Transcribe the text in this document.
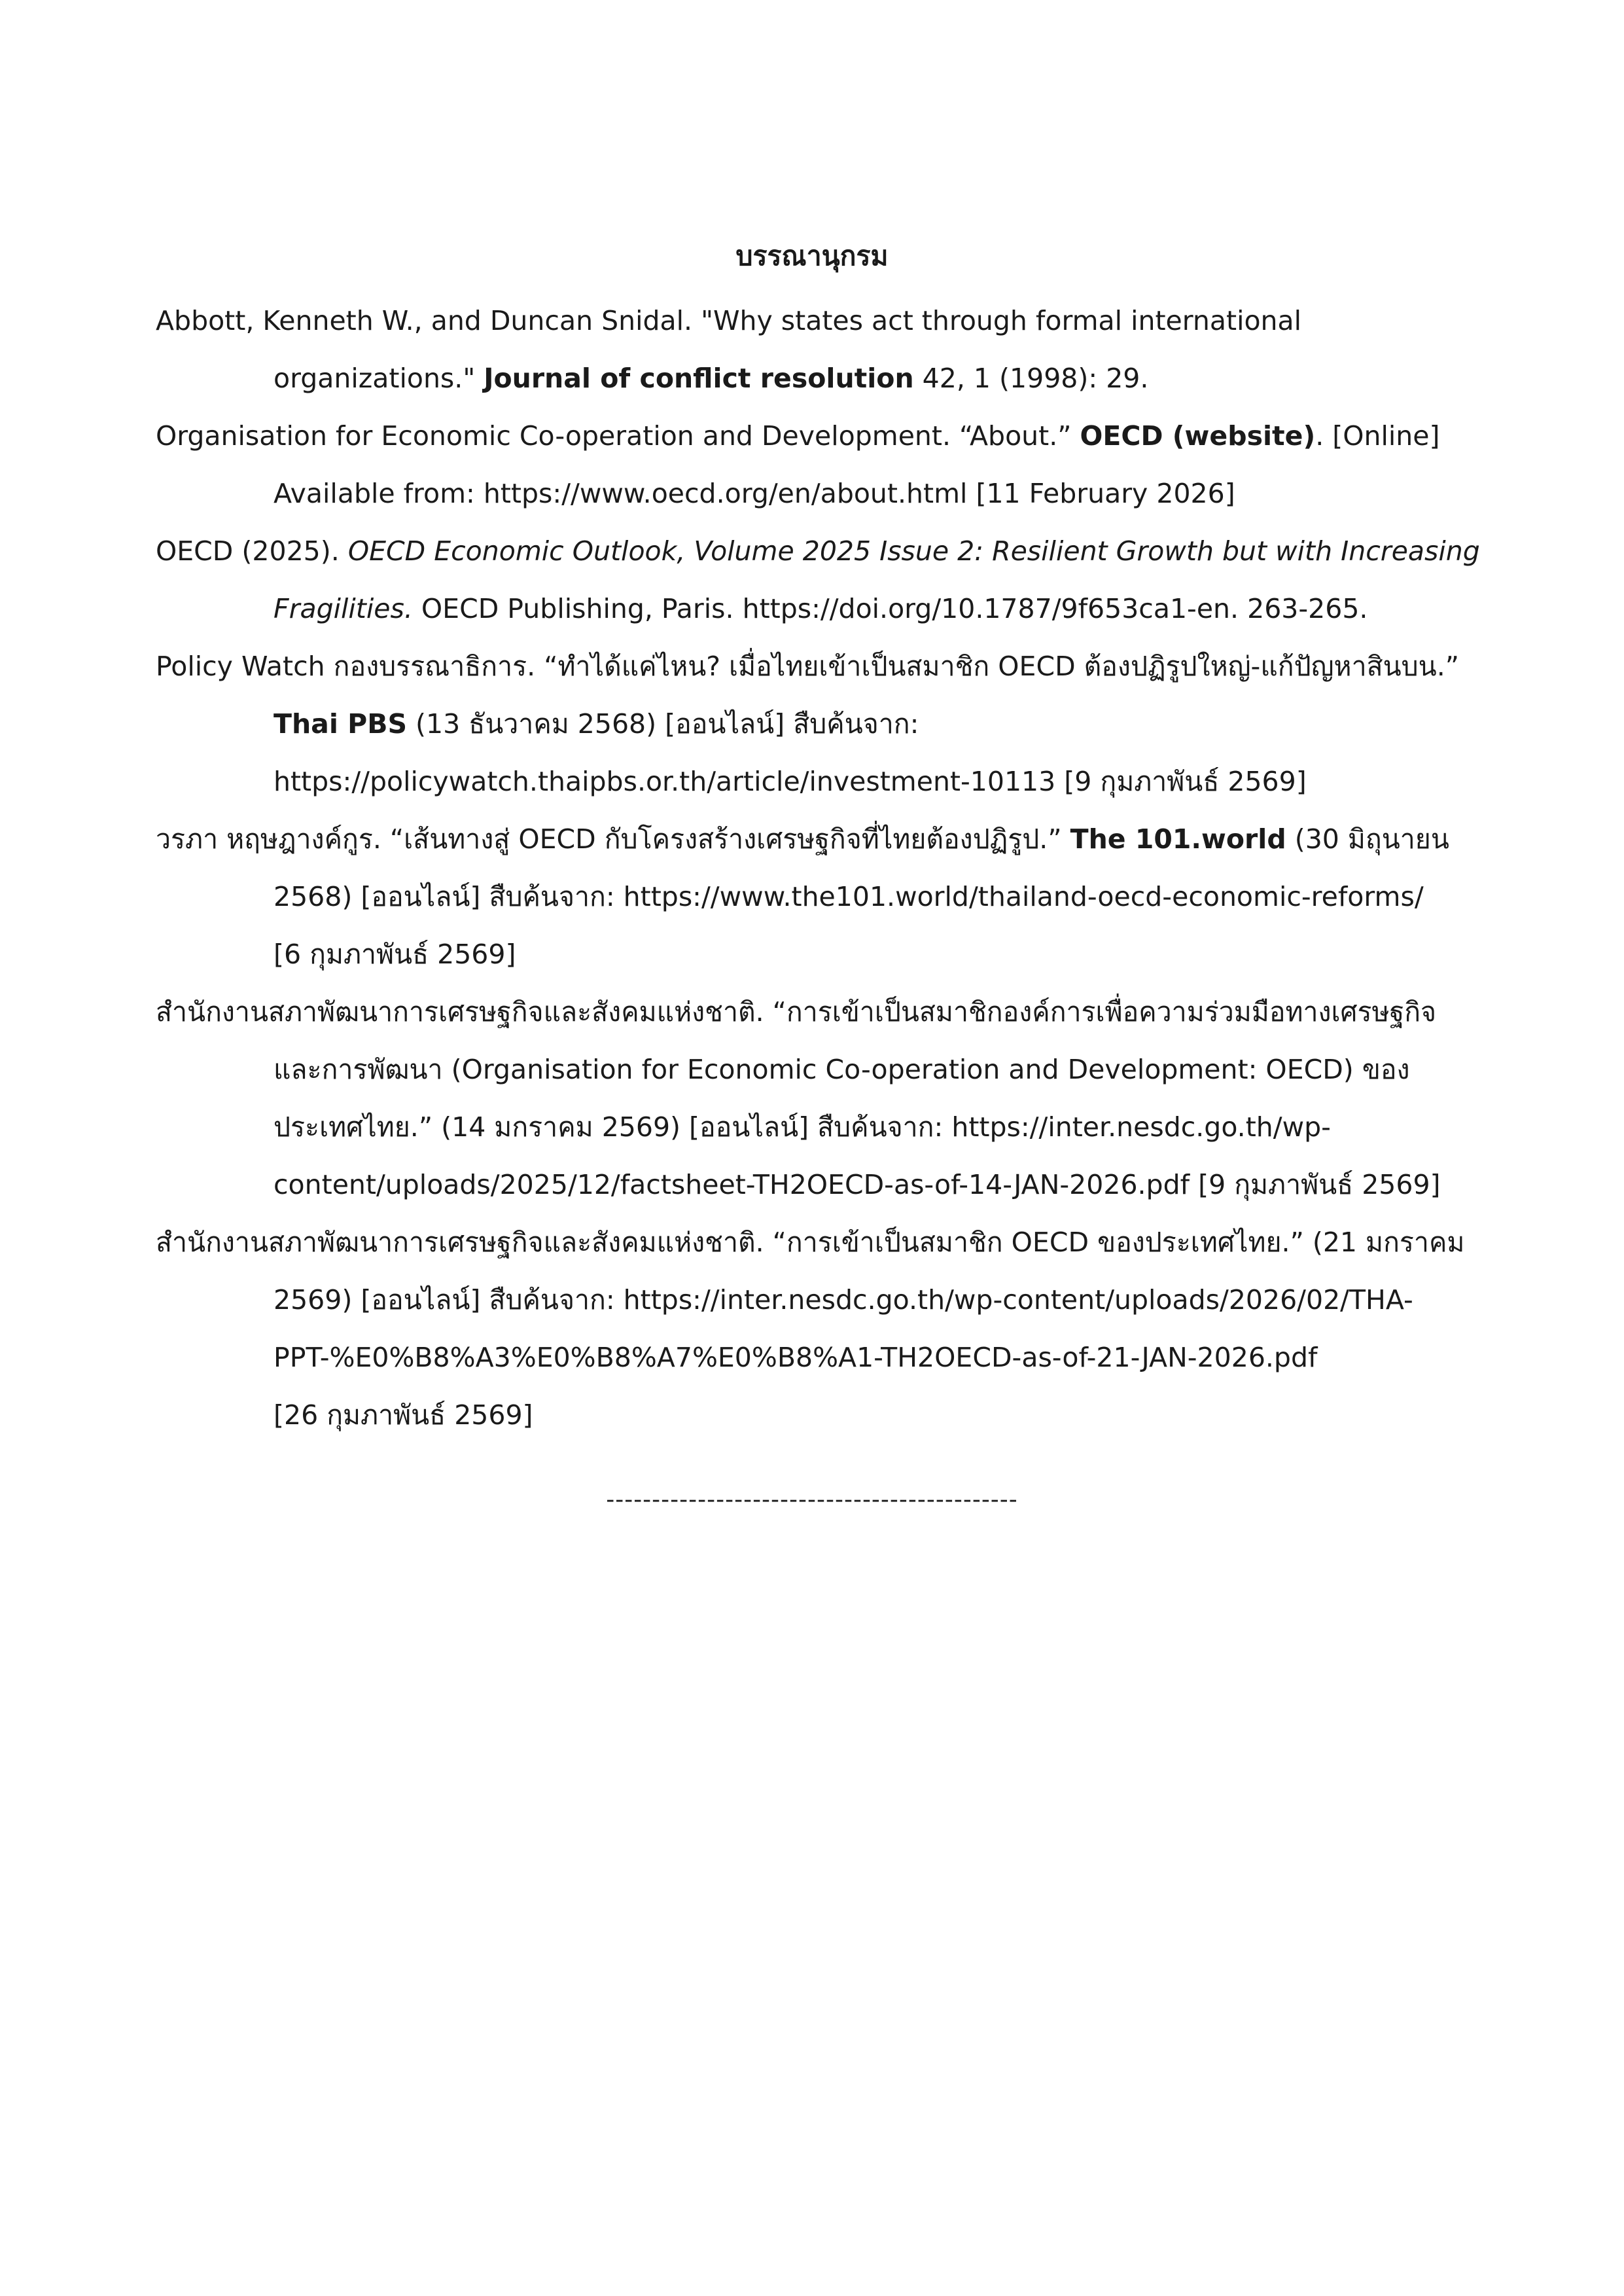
บรรณานุกรม
Abbott, Kenneth W., and Duncan Snidal. "Why states act through formal international
organizations." Journal of conflict resolution 42, 1 (1998): 29.
Organisation for Economic Co-operation and Development. “About.” OECD (website). [Online]
Available from: https://www.oecd.org/en/about.html [11 February 2026]
OECD (2025). OECD Economic Outlook, Volume 2025 Issue 2: Resilient Growth but with Increasing
Fragilities. OECD Publishing, Paris. https://doi.org/10.1787/9f653ca1-en. 263-265.
Policy Watch กองบรรณาธิการ. “ทำได้แค่ไหน? เมื่อไทยเข้าเป็นสมาชิก OECD ต้องปฏิรูปใหญ่-แก้ปัญหาสินบน.”
Thai PBS (13 ธันวาคม 2568) [ออนไลน์] สืบค้นจาก:
https://policywatch.thaipbs.or.th/article/investment-10113 [9 กุมภาพันธ์ 2569]
วรภา หฤษฎางค์กูร. “เส้นทางสู่ OECD กับโครงสร้างเศรษฐกิจที่ไทยต้องปฏิรูป.” The 101.world (30 มิถุนายน
2568) [ออนไลน์] สืบค้นจาก: https://www.the101.world/thailand-oecd-economic-reforms/
[6 กุมภาพันธ์ 2569]
สำนักงานสภาพัฒนาการเศรษฐกิจและสังคมแห่งชาติ. “การเข้าเป็นสมาชิกองค์การเพื่อความร่วมมือทางเศรษฐกิจ
และการพัฒนา (Organisation for Economic Co-operation and Development: OECD) ของ
ประเทศไทย.” (14 มกราคม 2569) [ออนไลน์] สืบค้นจาก: https://inter.nesdc.go.th/wp-
content/uploads/2025/12/factsheet-TH2OECD-as-of-14-JAN-2026.pdf [9 กุมภาพันธ์ 2569]
สำนักงานสภาพัฒนาการเศรษฐกิจและสังคมแห่งชาติ. “การเข้าเป็นสมาชิก OECD ของประเทศไทย.” (21 มกราคม
2569) [ออนไลน์] สืบค้นจาก: https://inter.nesdc.go.th/wp-content/uploads/2026/02/THA-
PPT-%E0%B8%A3%E0%B8%A7%E0%B8%A1-TH2OECD-as-of-21-JAN-2026.pdf
[26 กุมภาพันธ์ 2569]
---------------------------------------------
